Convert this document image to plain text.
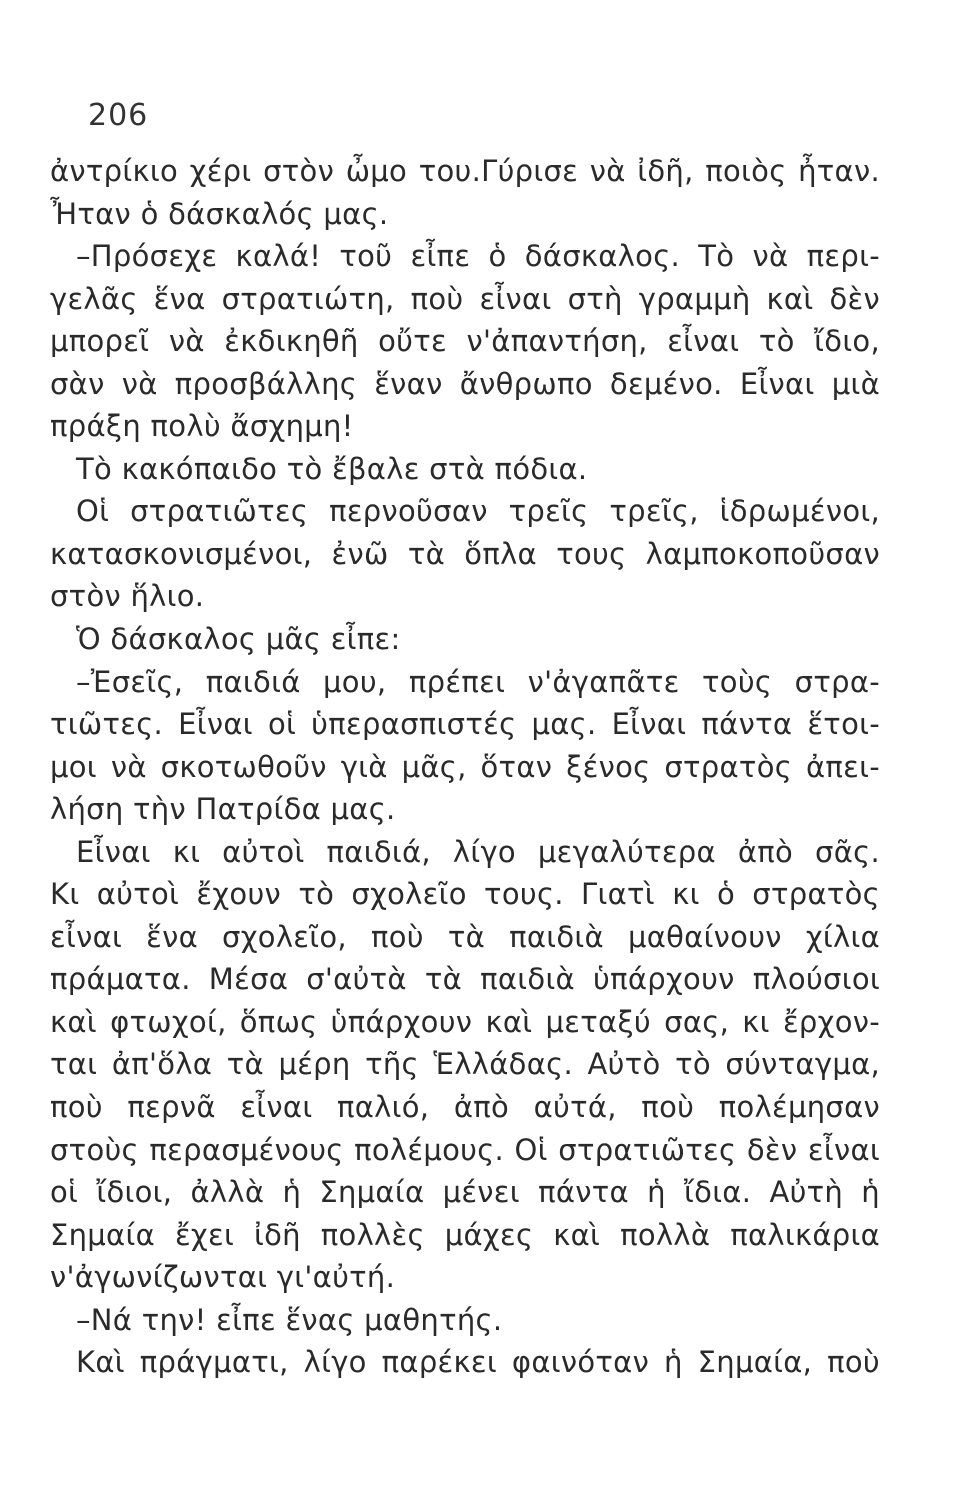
206
ἀντρίκιο χέρι στὸν ὦμο του.Γύρισε νὰ ἰδῆ, ποιὸς ἦταν.
Ἦταν ὁ δάσκαλός μας.
–Πρόσεχε καλά! τοῦ εἶπε ὁ δάσκαλος. Τὸ νὰ περι-
γελᾶς ἕνα στρατιώτη, ποὺ εἶναι στὴ γραμμὴ καὶ δὲν
μπορεῖ νὰ ἐκδικηθῆ οὔτε ν'ἀπαντήση, εἶναι τὸ ἴδιο,
σὰν νὰ προσβάλλης ἕναν ἄνθρωπο δεμένο. Εἶναι μιὰ
πράξη πολὺ ἄσχημη!
Τὸ κακόπαιδο τὸ ἔβαλε στὰ πόδια.
Οἱ στρατιῶτες περνοῦσαν τρεῖς τρεῖς, ἱδρωμένοι,
κατασκονισμένοι, ἐνῶ τὰ ὅπλα τους λαμποκοποῦσαν
στὸν ἥλιο.
Ὁ δάσκαλος μᾶς εἶπε:
–Ἐσεῖς, παιδιά μου, πρέπει ν'ἀγαπᾶτε τοὺς στρα-
τιῶτες. Εἶναι οἱ ὑπερασπιστές μας. Εἶναι πάντα ἕτοι-
μοι νὰ σκοτωθοῦν γιὰ μᾶς, ὅταν ξένος στρατὸς ἀπει-
λήση τὴν Πατρίδα μας.
Εἶναι κι αὐτοὶ παιδιά, λίγο μεγαλύτερα ἀπὸ σᾶς.
Κι αὐτοὶ ἔχουν τὸ σχολεῖο τους. Γιατὶ κι ὁ στρατὸς
εἶναι ἕνα σχολεῖο, ποὺ τὰ παιδιὰ μαθαίνουν χίλια
πράματα. Μέσα σ'αὐτὰ τὰ παιδιὰ ὑπάρχουν πλούσιοι
καὶ φτωχοί, ὅπως ὑπάρχουν καὶ μεταξύ σας, κι ἔρχον-
ται ἀπ'ὅλα τὰ μέρη τῆς Ἑλλάδας. Αὐτὸ τὸ σύνταγμα,
ποὺ περνᾶ εἶναι παλιό, ἀπὸ αὐτά, ποὺ πολέμησαν
στοὺς περασμένους πολέμους. Οἱ στρατιῶτες δὲν εἶναι
οἱ ἴδιοι, ἀλλὰ ἡ Σημαία μένει πάντα ἡ ἴδια. Αὐτὴ ἡ
Σημαία ἔχει ἰδῆ πολλὲς μάχες καὶ πολλὰ παλικάρια
ν'ἀγωνίζωνται γι'αὐτή.
–Νά την! εἶπε ἕνας μαθητής.
Καὶ πράγματι, λίγο παρέκει φαινόταν ἡ Σημαία, ποὺ
